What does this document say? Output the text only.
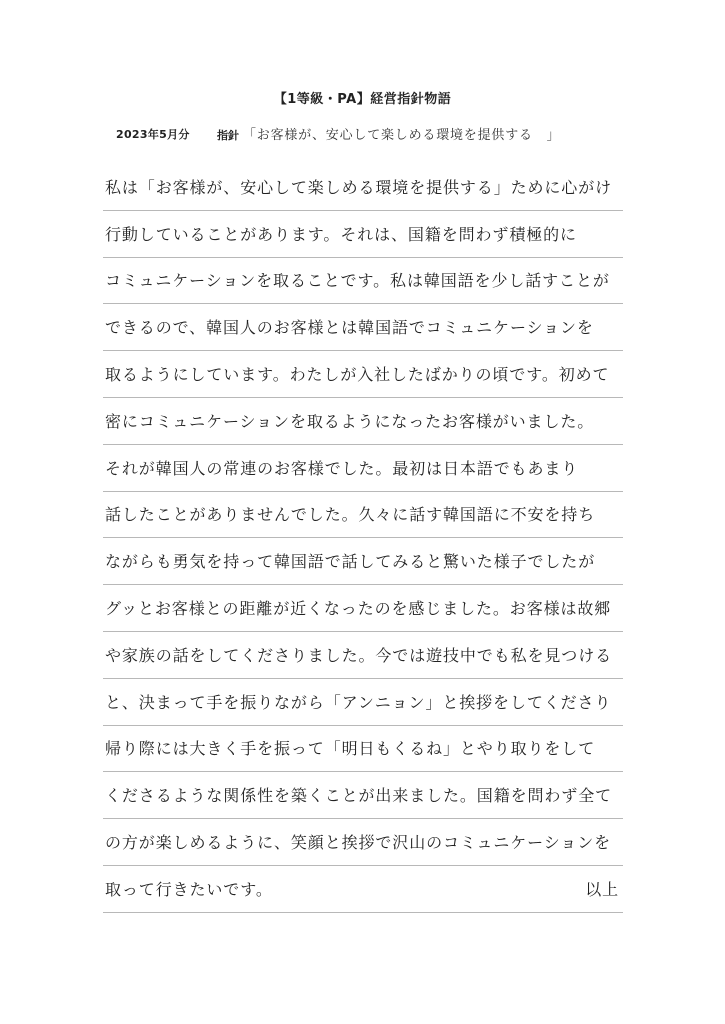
【1等級・PA】経営指針物語
2023年5月分 指針 「お客様が、安心して楽しめる環境を提供する　」
私は「お客様が、安心して楽しめる環境を提供する」ために心がけ
行動していることがあります。それは、国籍を問わず積極的に
コミュニケーションを取ることです。私は韓国語を少し話すことが
できるので、韓国人のお客様とは韓国語でコミュニケーションを
取るようにしています。わたしが入社したばかりの頃です。初めて
密にコミュニケーションを取るようになったお客様がいました。
それが韓国人の常連のお客様でした。最初は日本語でもあまり
話したことがありませんでした。久々に話す韓国語に不安を持ち
ながらも勇気を持って韓国語で話してみると驚いた様子でしたが
グッとお客様との距離が近くなったのを感じました。お客様は故郷
や家族の話をしてくださりました。今では遊技中でも私を見つける
と、決まって手を振りながら「アンニョン」と挨拶をしてくださり
帰り際には大きく手を振って「明日もくるね」とやり取りをして
くださるような関係性を築くことが出来ました。国籍を問わず全て
の方が楽しめるように、笑顔と挨拶で沢山のコミュニケーションを
取って行きたいです。	以上
